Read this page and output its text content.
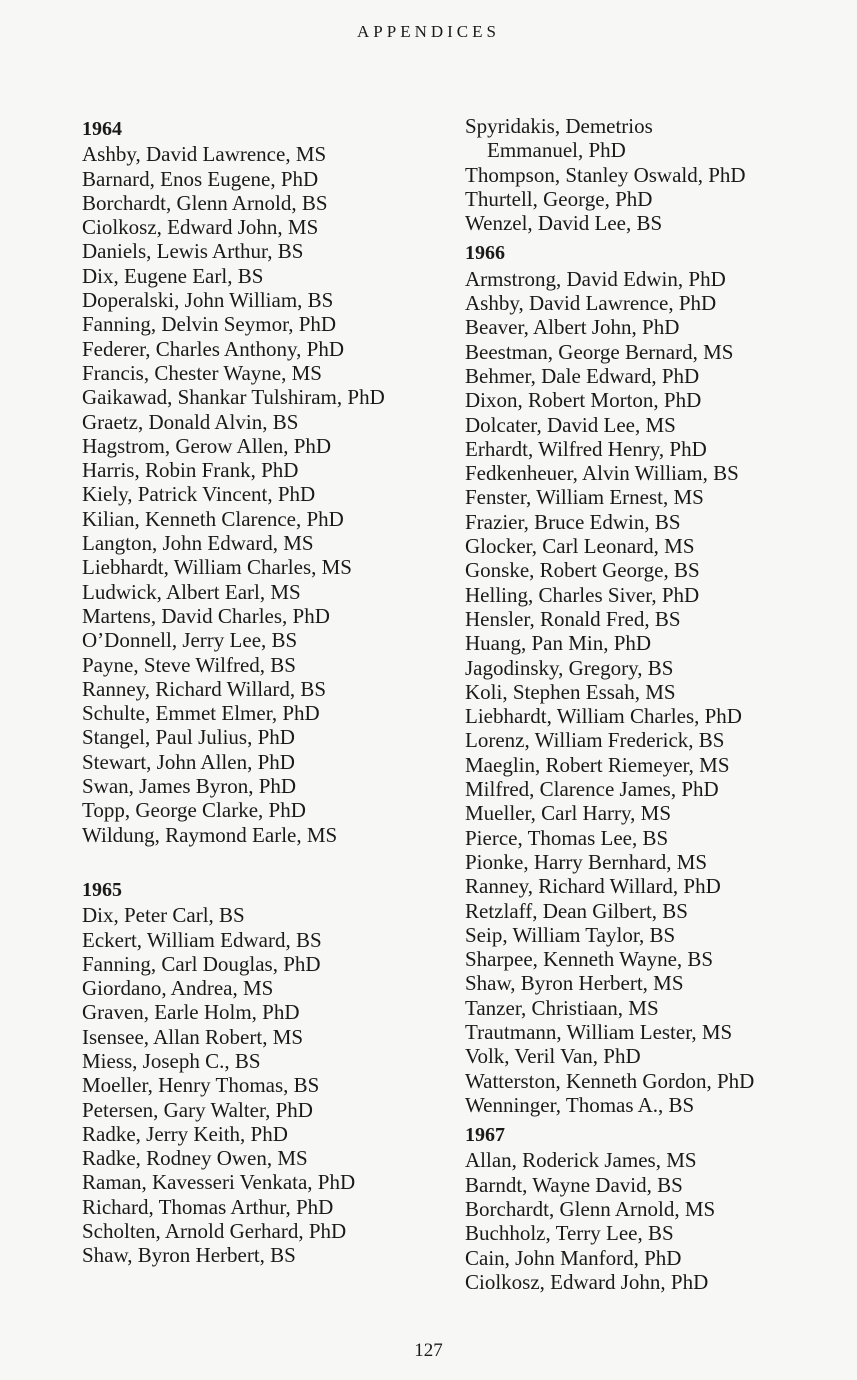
APPENDICES
1964
Ashby, David Lawrence, MS
Barnard, Enos Eugene, PhD
Borchardt, Glenn Arnold, BS
Ciolkosz, Edward John, MS
Daniels, Lewis Arthur, BS
Dix, Eugene Earl, BS
Doperalski, John William, BS
Fanning, Delvin Seymor, PhD
Federer, Charles Anthony, PhD
Francis, Chester Wayne, MS
Gaikawad, Shankar Tulshiram, PhD
Graetz, Donald Alvin, BS
Hagstrom, Gerow Allen, PhD
Harris, Robin Frank, PhD
Kiely, Patrick Vincent, PhD
Kilian, Kenneth Clarence, PhD
Langton, John Edward, MS
Liebhardt, William Charles, MS
Ludwick, Albert Earl, MS
Martens, David Charles, PhD
O’Donnell, Jerry Lee, BS
Payne, Steve Wilfred, BS
Ranney, Richard Willard, BS
Schulte, Emmet Elmer, PhD
Stangel, Paul Julius, PhD
Stewart, John Allen, PhD
Swan, James Byron, PhD
Topp, George Clarke, PhD
Wildung, Raymond Earle, MS
1965
Dix, Peter Carl, BS
Eckert, William Edward, BS
Fanning, Carl Douglas, PhD
Giordano, Andrea, MS
Graven, Earle Holm, PhD
Isensee, Allan Robert, MS
Miess, Joseph C., BS
Moeller, Henry Thomas, BS
Petersen, Gary Walter, PhD
Radke, Jerry Keith, PhD
Radke, Rodney Owen, MS
Raman, Kavesseri Venkata, PhD
Richard, Thomas Arthur, PhD
Scholten, Arnold Gerhard, PhD
Shaw, Byron Herbert, BS
Spyridakis, Demetrios
Emmanuel, PhD
Thompson, Stanley Oswald, PhD
Thurtell, George, PhD
Wenzel, David Lee, BS
1966
Armstrong, David Edwin, PhD
Ashby, David Lawrence, PhD
Beaver, Albert John, PhD
Beestman, George Bernard, MS
Behmer, Dale Edward, PhD
Dixon, Robert Morton, PhD
Dolcater, David Lee, MS
Erhardt, Wilfred Henry, PhD
Fedkenheuer, Alvin William, BS
Fenster, William Ernest, MS
Frazier, Bruce Edwin, BS
Glocker, Carl Leonard, MS
Gonske, Robert George, BS
Helling, Charles Siver, PhD
Hensler, Ronald Fred, BS
Huang, Pan Min, PhD
Jagodinsky, Gregory, BS
Koli, Stephen Essah, MS
Liebhardt, William Charles, PhD
Lorenz, William Frederick, BS
Maeglin, Robert Riemeyer, MS
Milfred, Clarence James, PhD
Mueller, Carl Harry, MS
Pierce, Thomas Lee, BS
Pionke, Harry Bernhard, MS
Ranney, Richard Willard, PhD
Retzlaff, Dean Gilbert, BS
Seip, William Taylor, BS
Sharpee, Kenneth Wayne, BS
Shaw, Byron Herbert, MS
Tanzer, Christiaan, MS
Trautmann, William Lester, MS
Volk, Veril Van, PhD
Watterston, Kenneth Gordon, PhD
Wenninger, Thomas A., BS
1967
Allan, Roderick James, MS
Barndt, Wayne David, BS
Borchardt, Glenn Arnold, MS
Buchholz, Terry Lee, BS
Cain, John Manford, PhD
Ciolkosz, Edward John, PhD
127
